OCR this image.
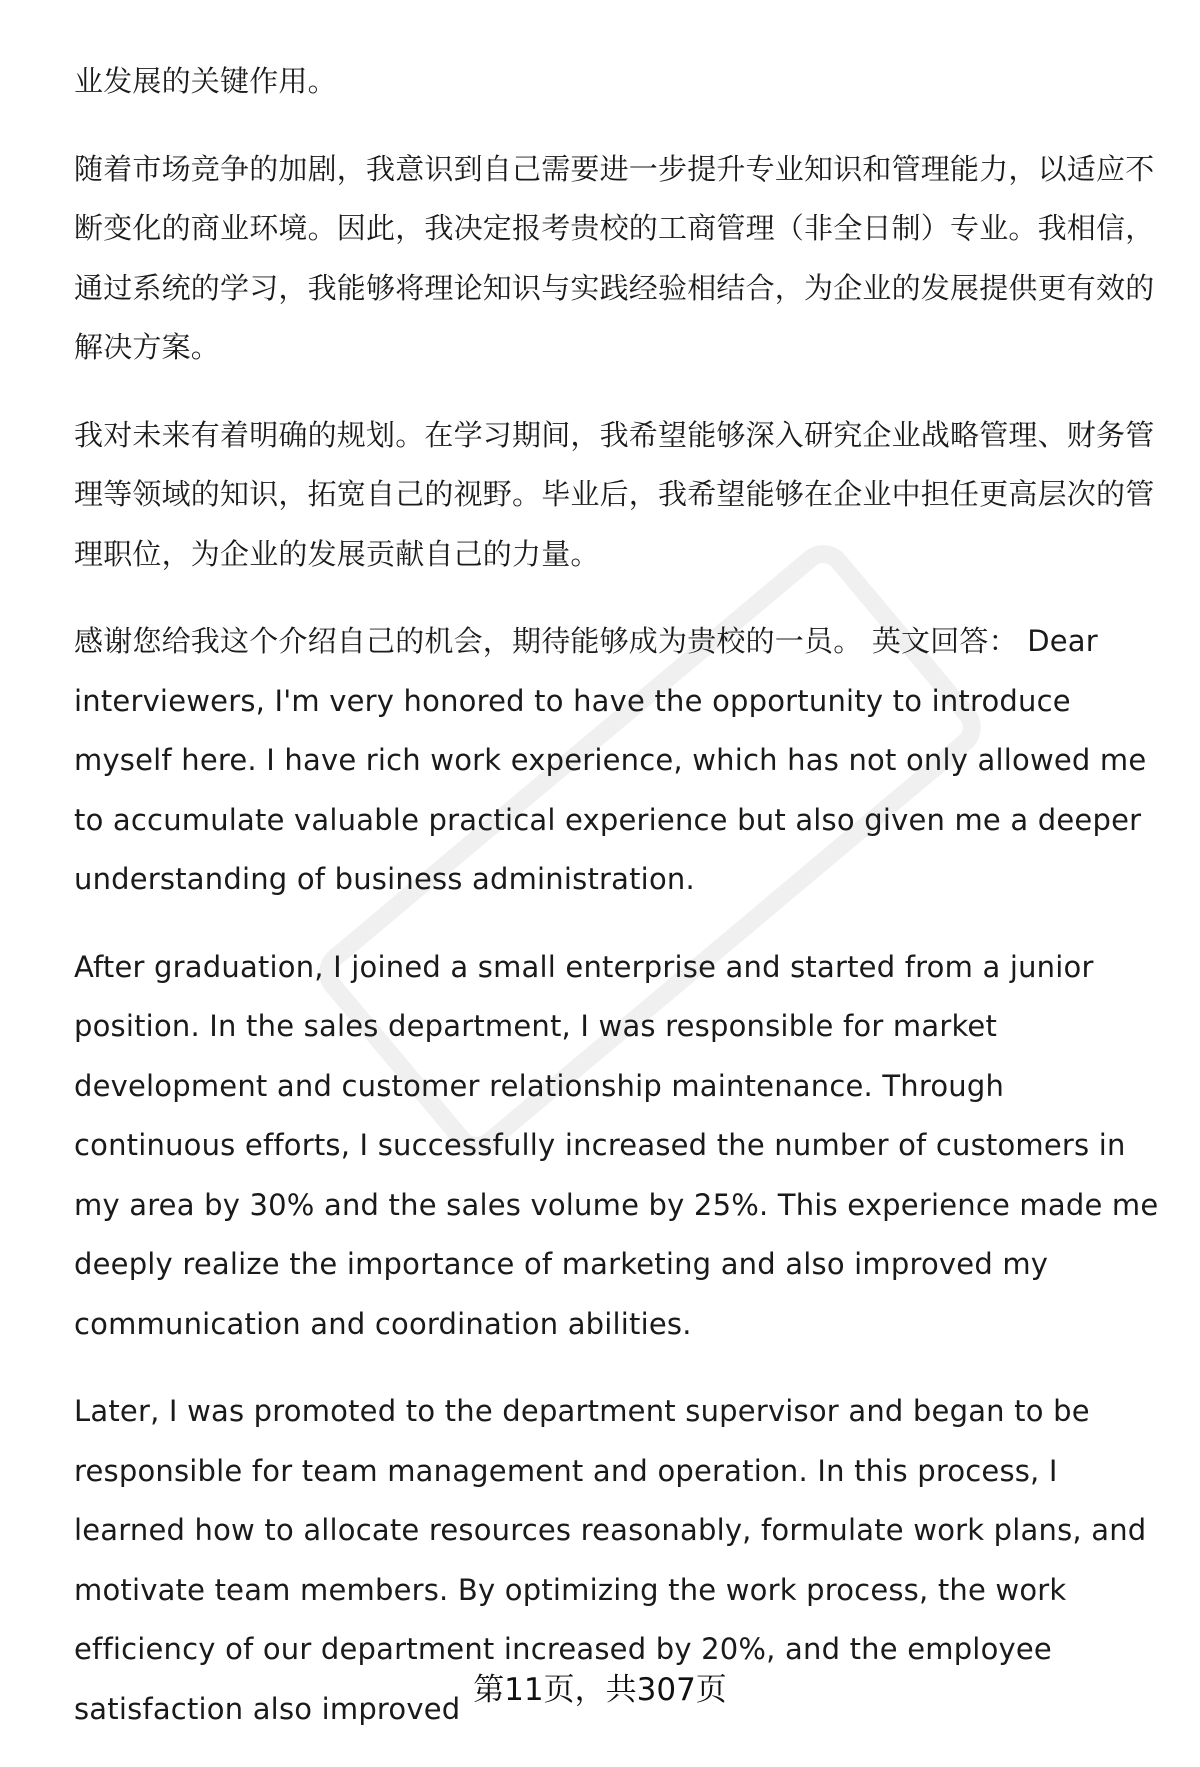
业发展的关键作用。

随着市场竞争的加剧，我意识到自己需要进一步提升专业知识和管理能力，以适应不断变化的商业环境。因此，我决定报考贵校的工商管理（非全日制）专业。我相信，通过系统的学习，我能够将理论知识与实践经验相结合，为企业的发展提供更有效的解决方案。

我对未来有着明确的规划。在学习期间，我希望能够深入研究企业战略管理、财务管理等领域的知识，拓宽自己的视野。毕业后，我希望能够在企业中担任更高层次的管理职位，为企业的发展贡献自己的力量。

感谢您给我这个介绍自己的机会，期待能够成为贵校的一员。 英文回答： Dear interviewers, I'm very honored to have the opportunity to introduce myself here. I have rich work experience, which has not only allowed me to accumulate valuable practical experience but also given me a deeper understanding of business administration.

After graduation, I joined a small enterprise and started from a junior position. In the sales department, I was responsible for market development and customer relationship maintenance. Through continuous efforts, I successfully increased the number of customers in my area by 30% and the sales volume by 25%. This experience made me deeply realize the importance of marketing and also improved my communication and coordination abilities.

Later, I was promoted to the department supervisor and began to be responsible for team management and operation. In this process, I learned how to allocate resources reasonably, formulate work plans, and motivate team members. By optimizing the work process, the work efficiency of our department increased by 20%, and the employee satisfaction also improved

第11页，共307页
